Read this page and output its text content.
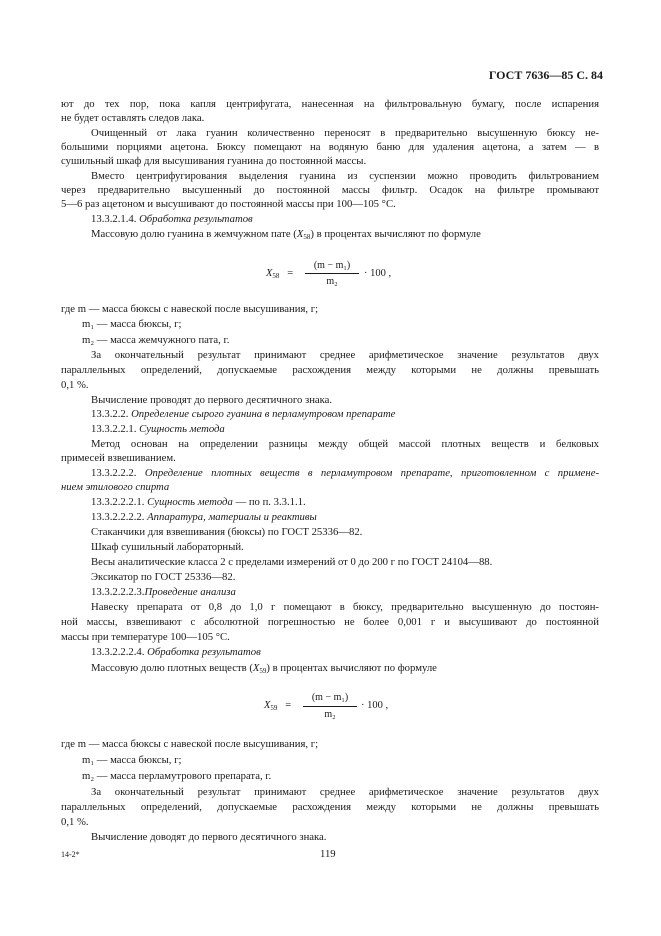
ГОСТ 7636—85 С. 84
ют до тех пор, пока капля центрифугата, нанесенная на фильтровальную бумагу, после испарения
не будет оставлять следов лака.
Очищенный от лака гуанин количественно переносят в предварительно высушенную бюксу не-
большими порциями ацетона. Бюксу помещают на водяную баню для удаления ацетона, а затем — в
сушильный шкаф для высушивания гуанина до постоянной массы.
Вместо центрифугирования выделения гуанина из суспензии можно проводить фильтрованием
через предварительно высушенный до постоянной массы фильтр. Осадок на фильтре промывают
5—6 раз ацетоном и высушивают до постоянной массы при 100—105 °С.
13.3.2.1.4. Обработка результатов
Массовую долю гуанина в жемчужном пате $(X_{58})$ в процентах вычисляют по формуле
$X_{58}$   =
(m − m₁)
m₂
· 100 ,
где m — масса бюксы с навеской после высушивания, г;
m₁ — масса бюксы, г;
m₂ — масса жемчужного пата, г.
За окончательный результат принимают среднее арифметическое значение результатов двух
параллельных определений, допускаемые расхождения между которыми не должны превышать
0,1 %.
Вычисление проводят до первого десятичного знака.
13.3.2.2. Определение сырого гуанина в перламутровом препарате
13.3.2.2.1. Сущность метода
Метод основан на определении разницы между общей массой плотных веществ и белковых
примесей взвешиванием.
13.3.2.2.2. Определение плотных веществ в перламутровом препарате, приготовленном с примене-
нием этилового спирта
13.3.2.2.2.1. Сущность метода — по п. 3.3.1.1.
13.3.2.2.2.2. Аппаратура, материалы и реактивы
Стаканчики для взвешивания (бюксы) по ГОСТ 25336—82.
Шкаф сушильный лабораторный.
Весы аналитические класса 2 с пределами измерений от 0 до 200 г по ГОСТ 24104—88.
Эксикатор по ГОСТ 25336—82.
13.3.2.2.2.3.Проведение анализа
Навеску препарата от 0,8 до 1,0 г помещают в бюксу, предварительно высушенную до постоян-
ной массы, взвешивают с абсолютной погрешностью не более 0,001 г и высушивают до постоянной
массы при температуре 100—105 °С.
13.3.2.2.2.4. Обработка результатов
Массовую долю плотных веществ $(X_{59})$ в процентах вычисляют по формуле
$X_{59}$   =
(m − m₁)
m₂
· 100 ,
где m — масса бюксы с навеской после высушивания, г;
m₁ — масса бюксы, г;
m₂ — масса перламутрового препарата, г.
За окончательный результат принимают среднее арифметическое значение результатов двух
параллельных определений, допускаемые расхождения между которыми не должны превышать
0,1 %.
Вычисление доводят до первого десятичного знака.
14-2*	119
